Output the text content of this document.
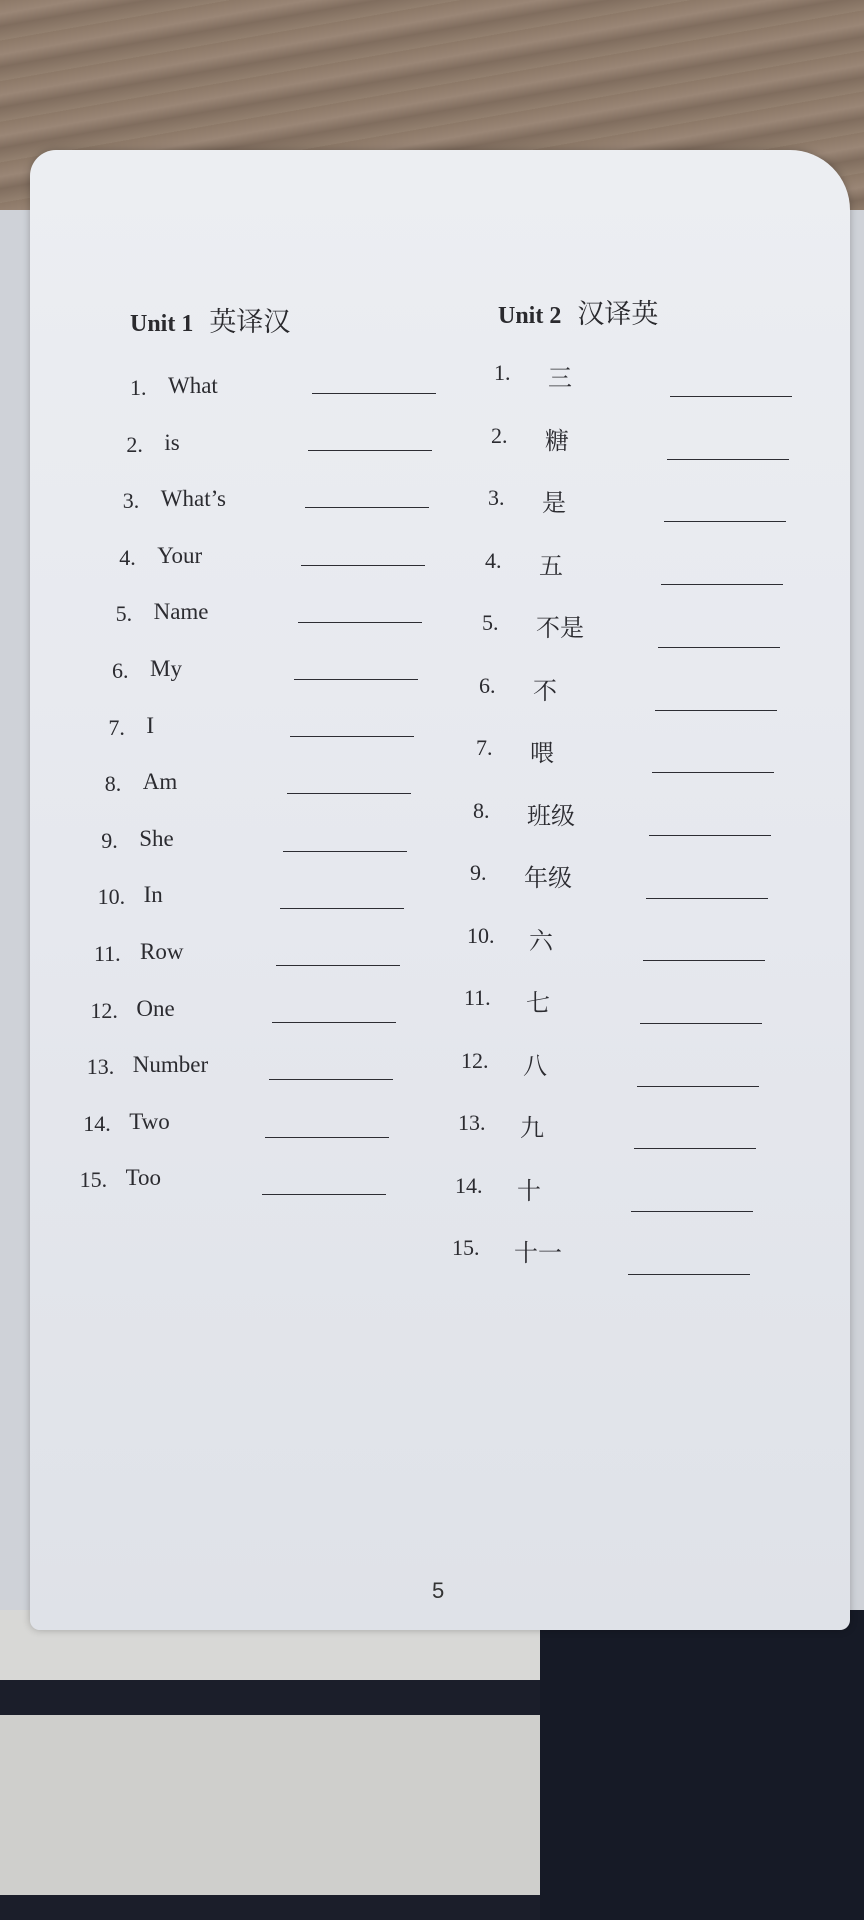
Unit 1 英译汉	Unit 2 汉译英
1. What
2. is
3. What’s
4. Your
5. Name
6. My
7. I
8. Am
9. She
10. In
11. Row
12. One
13. Number
14. Two
15. Too
1. 三
2. 糖
3. 是
4. 五
5. 不是
6. 不
7. 喂
8. 班级
9. 年级
10. 六
11. 七
12. 八
13. 九
14. 十
15. 十一
5
